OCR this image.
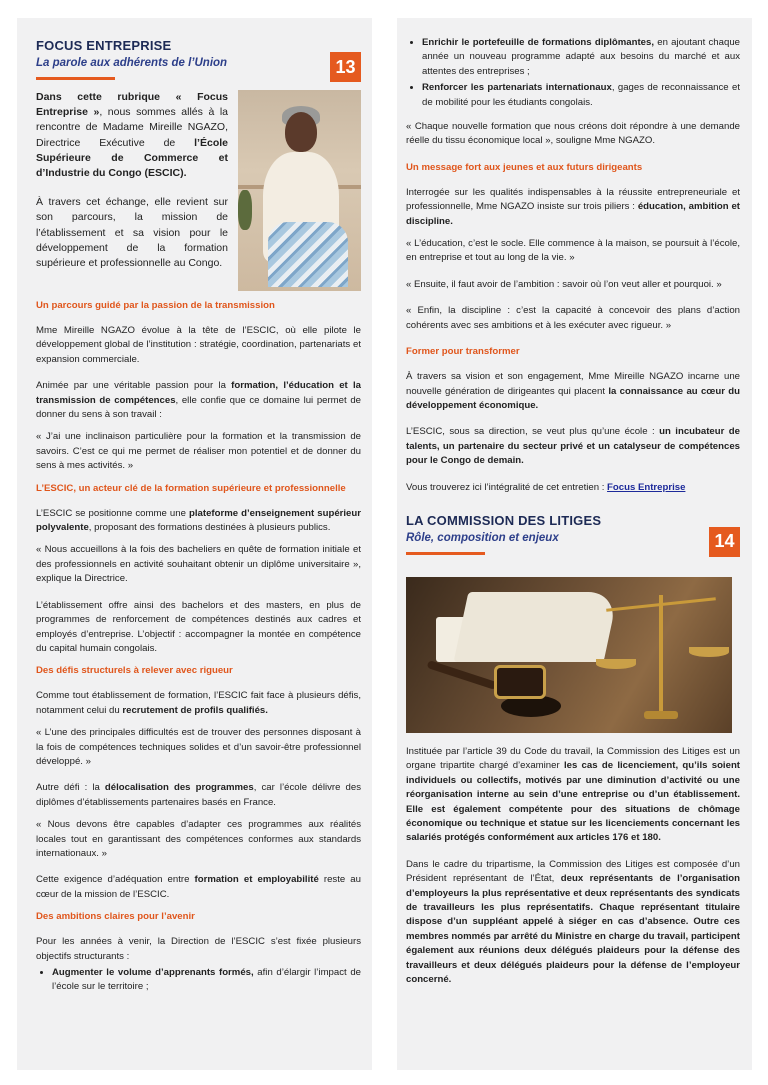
FOCUS ENTREPRISE
La parole aux adhérents de l’Union	13

Dans cette rubrique « Focus Entreprise », nous sommes allés à la rencontre de Madame Mireille NGAZO, Directrice Exécutive de l’École Supérieure de Commerce et d’Industrie du Congo (ESCIC).

À travers cet échange, elle revient sur son parcours, la mission de l’établissement et sa vision pour le développement de la formation supérieure et professionnelle au Congo.

Un parcours guidé par la passion de la transmission

Mme Mireille NGAZO évolue à la tête de l’ESCIC, où elle pilote le développement global de l’institution : stratégie, coordination, partenariats et expansion commerciale.

Animée par une véritable passion pour la formation, l’éducation et la transmission de compétences, elle confie que ce domaine lui permet de donner du sens à son travail :

« J’ai une inclinaison particulière pour la formation et la transmission de savoirs. C’est ce qui me permet de réaliser mon potentiel et de donner du sens à mes activités. »

L’ESCIC, un acteur clé de la formation supérieure et professionnelle

L’ESCIC se positionne comme une plateforme d’enseignement supérieur polyvalente, proposant des formations destinées à plusieurs publics.

« Nous accueillons à la fois des bacheliers en quête de formation initiale et des professionnels en activité souhaitant obtenir un diplôme universitaire », explique la Directrice.

L’établissement offre ainsi des bachelors et des masters, en plus de programmes de renforcement de compétences destinés aux cadres et employés d’entreprise. L’objectif : accompagner la montée en compétence du capital humain congolais.

Des défis structurels à relever avec rigueur

Comme tout établissement de formation, l’ESCIC fait face à plusieurs défis, notamment celui du recrutement de profils qualifiés.

« L’une des principales difficultés est de trouver des personnes disposant à la fois de compétences techniques solides et d’un savoir-être professionnel développé. »

Autre défi : la délocalisation des programmes, car l’école délivre des diplômes d’établissements partenaires basés en France.

« Nous devons être capables d’adapter ces programmes aux réalités locales tout en garantissant des compétences conformes aux standards internationaux. »

Cette exigence d’adéquation entre formation et employabilité reste au cœur de la mission de l’ESCIC.

Des ambitions claires pour l’avenir

Pour les années à venir, la Direction de l’ESCIC s’est fixée plusieurs objectifs structurants :

• Augmenter le volume d’apprenants formés, afin d’élargir l’impact de l’école sur le territoire ;
• Enrichir le portefeuille de formations diplômantes, en ajoutant chaque année un nouveau programme adapté aux besoins du marché et aux attentes des entreprises ;
• Renforcer les partenariats internationaux, gages de reconnaissance et de mobilité pour les étudiants congolais.

« Chaque nouvelle formation que nous créons doit répondre à une demande réelle du tissu économique local », souligne Mme NGAZO.

Un message fort aux jeunes et aux futurs dirigeants

Interrogée sur les qualités indispensables à la réussite entrepreneuriale et professionnelle, Mme NGAZO insiste sur trois piliers : éducation, ambition et discipline.

« L’éducation, c’est le socle. Elle commence à la maison, se poursuit à l’école, en entreprise et tout au long de la vie. »

« Ensuite, il faut avoir de l’ambition : savoir où l’on veut aller et pourquoi. »

« Enfin, la discipline : c’est la capacité à concevoir des plans d’action cohérents avec ses ambitions et à les exécuter avec rigueur. »

Former pour transformer

À travers sa vision et son engagement, Mme Mireille NGAZO incarne une nouvelle génération de dirigeantes qui placent la connaissance au cœur du développement économique.

L’ESCIC, sous sa direction, se veut plus qu’une école : un incubateur de talents, un partenaire du secteur privé et un catalyseur de compétences pour le Congo de demain.

Vous trouverez ici l’intégralité de cet entretien : Focus Entreprise

LA COMMISSION DES LITIGES
Rôle, composition et enjeux	14

Instituée par l’article 39 du Code du travail, la Commission des Litiges est un organe tripartite chargé d’examiner les cas de licenciement, qu’ils soient individuels ou collectifs, motivés par une diminution d’activité ou une réorganisation interne au sein d’une entreprise ou d’un établissement. Elle est également compétente pour des situations de chômage économique ou technique et statue sur les licenciements concernant les salariés protégés conformément aux articles 176 et 180.

Dans le cadre du tripartisme, la Commission des Litiges est composée d’un Président représentant de l’État, deux représentants de l’organisation d’employeurs la plus représentative et deux représentants des syndicats de travailleurs les plus représentatifs. Chaque représentant titulaire dispose d’un suppléant appelé à siéger en cas d’absence. Outre ces membres nommés par arrêté du Ministre en charge du travail, participent également aux réunions deux délégués plaideurs pour la défense des travailleurs et deux délégués plaideurs pour la défense de l’employeur concerné.
